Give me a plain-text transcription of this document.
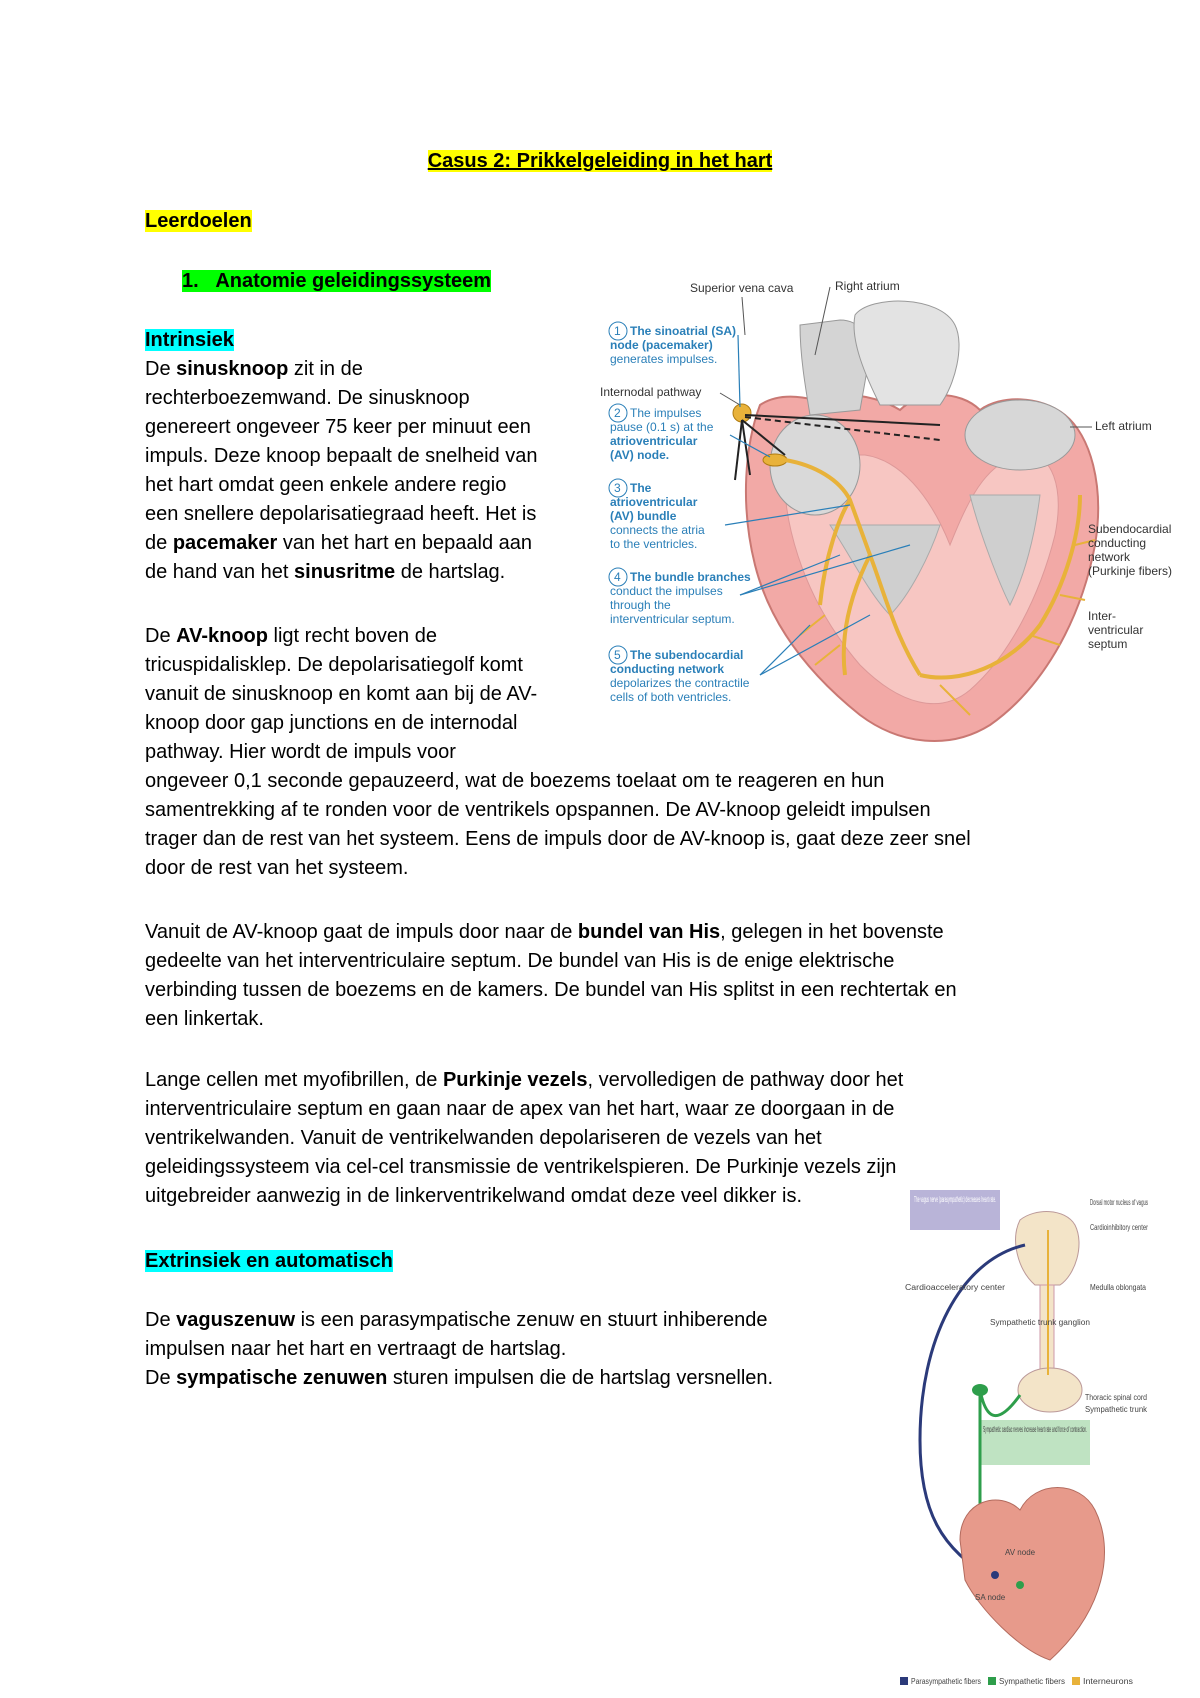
Casus 2: Prikkelgeleiding in het hart
Leerdoelen
1. Anatomie geleidingssysteem
Intrinsiek
De sinusknoop zit in de
rechterboezemwand. De sinusknoop
genereert ongeveer 75 keer per minuut een
impuls. Deze knoop bepaalt de snelheid van
het hart omdat geen enkele andere regio
een snellere depolarisatiegraad heeft. Het is
de pacemaker van het hart en bepaald aan
de hand van het sinusritme de hartslag.
De AV-knoop ligt recht boven de
tricuspidalisklep. De depolarisatiegolf komt
vanuit de sinusknoop en komt aan bij de AV-
knoop door gap junctions en de internodal
pathway. Hier wordt de impuls voor
ongeveer 0,1 seconde gepauzeerd, wat de boezems toelaat om te reageren en hun
samentrekking af te ronden voor de ventrikels opspannen. De AV-knoop geleidt impulsen
trager dan de rest van het systeem. Eens de impuls door de AV-knoop is, gaat deze zeer snel
door de rest van het systeem.
Vanuit de AV-knoop gaat de impuls door naar de bundel van His, gelegen in het bovenste
gedeelte van het interventriculaire septum. De bundel van His is de enige elektrische
verbinding tussen de boezems en de kamers. De bundel van His splitst in een rechtertak en
een linkertak.
Lange cellen met myofibrillen, de Purkinje vezels, vervolledigen de pathway door het
interventriculaire septum en gaan naar de apex van het hart, waar ze doorgaan in de
ventrikelwanden. Vanuit de ventrikelwanden depolariseren de vezels van het
geleidingssysteem via cel-cel transmissie de ventrikelspieren. De Purkinje vezels zijn
uitgebreider aanwezig in de linkerventrikelwand omdat deze veel dikker is.
Extrinsiek en automatisch
De vaguszenuw is een parasympatische zenuw en stuurt inhiberende
impulsen naar het hart en vertraagt de hartslag.
De sympatische zenuwen sturen impulsen die de hartslag versnellen.
Superior vena cava	Right atrium
Internodal pathway
Left atrium
Subendocardial
conducting
network
(Purkinje fibers)
Inter-
ventricular
septum
1 The sinoatrial (SA)
node (pacemaker)
generates impulses.
2 The impulses
pause (0.1 s) at the
atrioventricular
(AV) node.
3 The
atrioventricular
(AV) bundle
connects the atria
to the ventricles.
4 The bundle branches
conduct the impulses
through the
interventricular septum.
5 The subendocardial
conducting network
depolarizes the contractile
cells of both ventricles.
The vagus nerve (parasympathetic) decreases heart rate.
Sympathetic cardiac nerves increase heart rate and force of contraction.
AV node
SA node
Dorsal motor nucleus of vagus
Cardioinhibitory center
Cardioacceleratory center	Medulla oblongata
Sympathetic trunk ganglion
Thoracic spinal cord
Sympathetic trunk
Parasympathetic fibers Sympathetic fibers Interneurons
